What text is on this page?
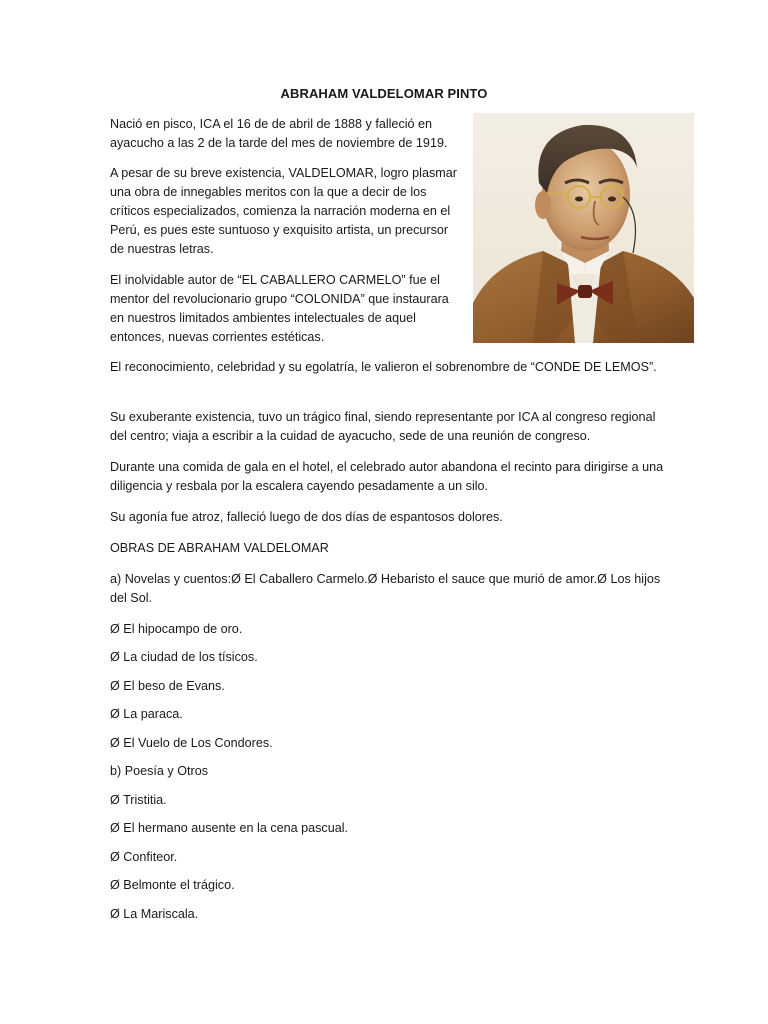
ABRAHAM VALDELOMAR PINTO

Nació en pisco, ICA el 16 de de abril de 1888 y falleció en ayacucho a las 2 de la tarde del mes de noviembre de 1919.

A pesar de su breve existencia, VALDELOMAR, logro plasmar una obra de innegables meritos con la que a decir de los críticos especializados, comienza la narración moderna en el Perú, es pues este suntuoso y exquisito artista, un precursor de nuestras letras.

El inolvidable autor de “EL CABALLERO CARMELO” fue el mentor del revolucionario grupo “COLONIDA” que instaurara en nuestros limitados ambientes intelectuales de aquel entonces, nuevas corrientes estéticas.

El reconocimiento, celebridad y su egolatría, le valieron el sobrenombre de “CONDE DE LEMOS”.

Su exuberante existencia, tuvo un trágico final, siendo representante por ICA al congreso regional del centro; viaja a escribir a la cuidad de ayacucho, sede de una reunión de congreso.

Durante una comida de gala en el hotel, el celebrado autor abandona el recinto para dirigirse a una diligencia y resbala por la escalera cayendo pesadamente a un silo.

Su agonía fue atroz, falleció luego de dos días de espantosos dolores.

OBRAS DE ABRAHAM VALDELOMAR

a) Novelas y cuentos:Ø El Caballero Carmelo.Ø Hebaristo el sauce que murió de amor.Ø Los hijos del Sol.

Ø El hipocampo de oro.

Ø La ciudad de los tísicos.

Ø El beso de Evans.

Ø La paraca.

Ø El Vuelo de Los Condores.

b) Poesía y Otros

Ø Tristitia.

Ø El hermano ausente en la cena pascual.

Ø Confiteor.

Ø Belmonte el trágico.

Ø La Mariscala.
